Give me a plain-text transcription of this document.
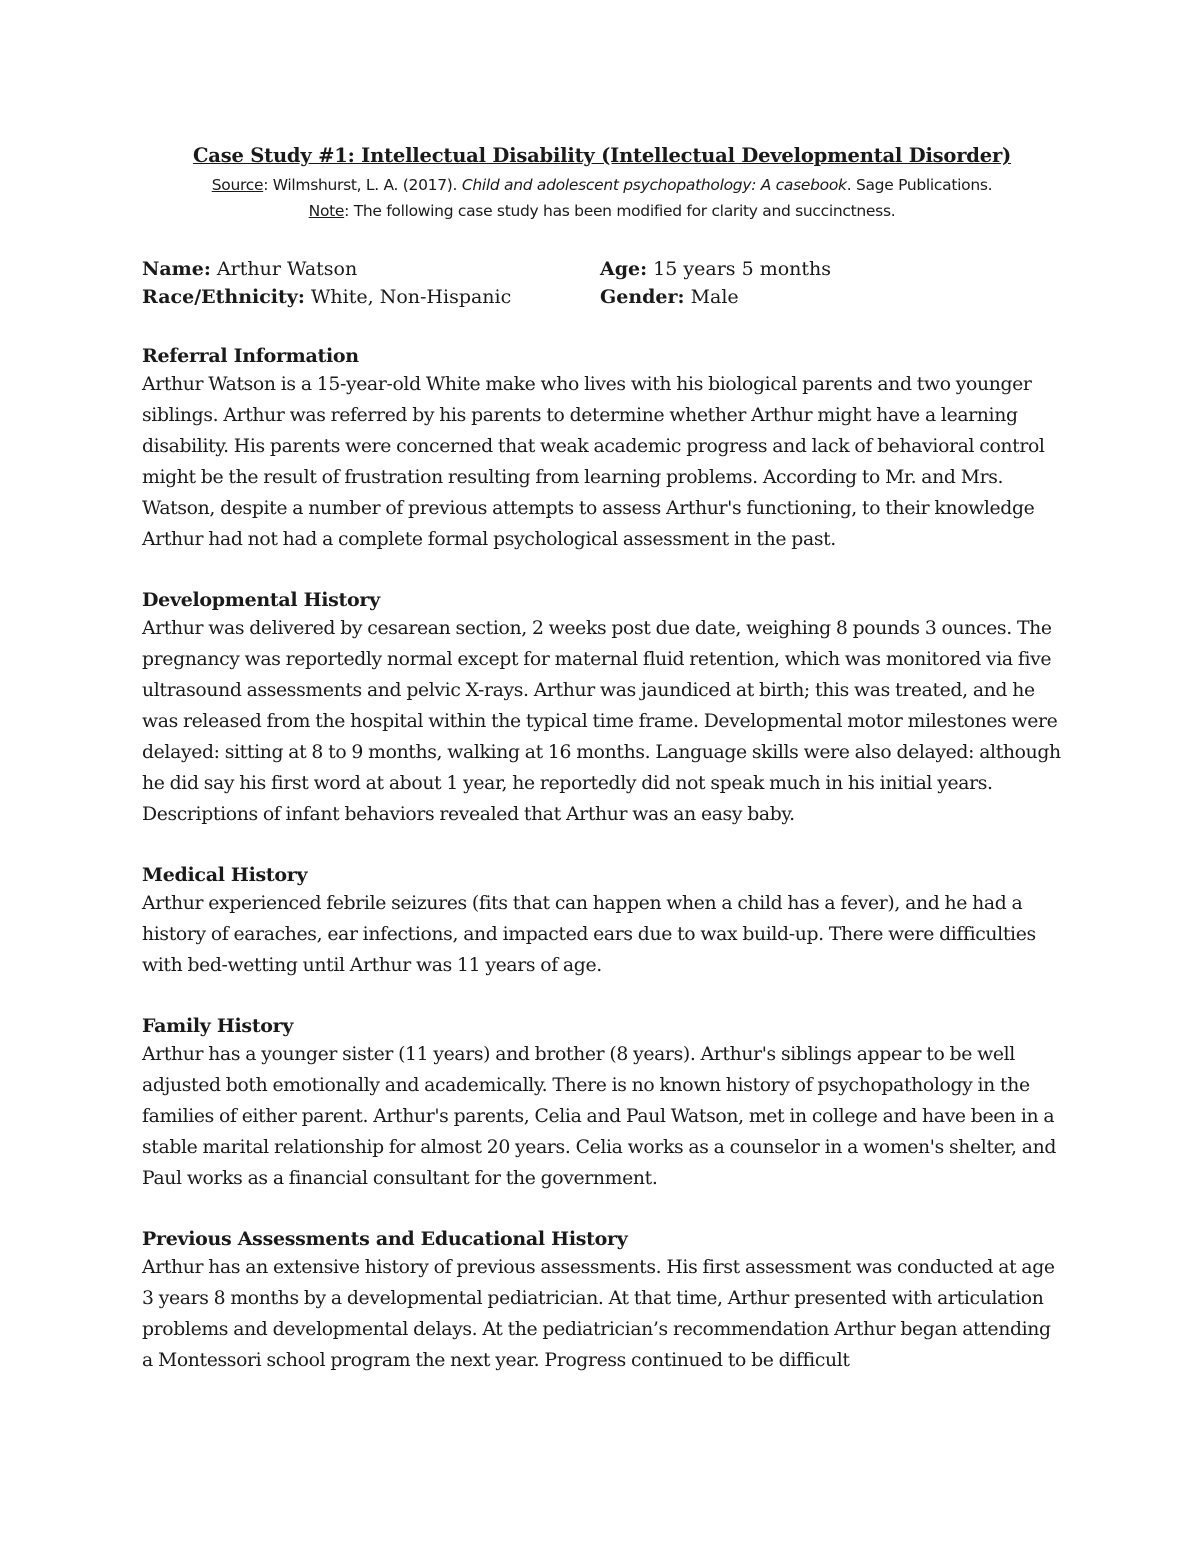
Case Study #1: Intellectual Disability (Intellectual Developmental Disorder)
Source: Wilmshurst, L. A. (2017). Child and adolescent psychopathology: A casebook. Sage Publications.
Note: The following case study has been modified for clarity and succinctness.
Name: Arthur Watson	Age: 15 years 5 months
Race/Ethnicity: White, Non-Hispanic	Gender: Male
Referral Information

Arthur Watson is a 15-year-old White make who lives with his biological parents and two younger siblings. Arthur was referred by his parents to determine whether Arthur might have a learning disability. His parents were concerned that weak academic progress and lack of behavioral control might be the result of frustration resulting from learning problems. According to Mr. and Mrs. Watson, despite a number of previous attempts to assess Arthur's functioning, to their knowledge Arthur had not had a complete formal psychological assessment in the past.

Developmental History

Arthur was delivered by cesarean section, 2 weeks post due date, weighing 8 pounds 3 ounces. The pregnancy was reportedly normal except for maternal fluid retention, which was monitored via five ultrasound assessments and pelvic X-rays. Arthur was jaundiced at birth; this was treated, and he was released from the hospital within the typical time frame. Developmental motor milestones were delayed: sitting at 8 to 9 months, walking at 16 months. Language skills were also delayed: although he did say his first word at about 1 year, he reportedly did not speak much in his initial years. Descriptions of infant behaviors revealed that Arthur was an easy baby.

Medical History

Arthur experienced febrile seizures (fits that can happen when a child has a fever), and he had a history of earaches, ear infections, and impacted ears due to wax build-up. There were difficulties with bed-wetting until Arthur was 11 years of age.

Family History

Arthur has a younger sister (11 years) and brother (8 years). Arthur's siblings appear to be well adjusted both emotionally and academically. There is no known history of psychopathology in the families of either parent. Arthur's parents, Celia and Paul Watson, met in college and have been in a stable marital relationship for almost 20 years. Celia works as a counselor in a women's shelter, and Paul works as a financial consultant for the government.

Previous Assessments and Educational History

Arthur has an extensive history of previous assessments. His first assessment was conducted at age 3 years 8 months by a developmental pediatrician. At that time, Arthur presented with articulation problems and developmental delays. At the pediatrician’s recommendation Arthur began attending a Montessori school program the next year. Progress continued to be difficult
